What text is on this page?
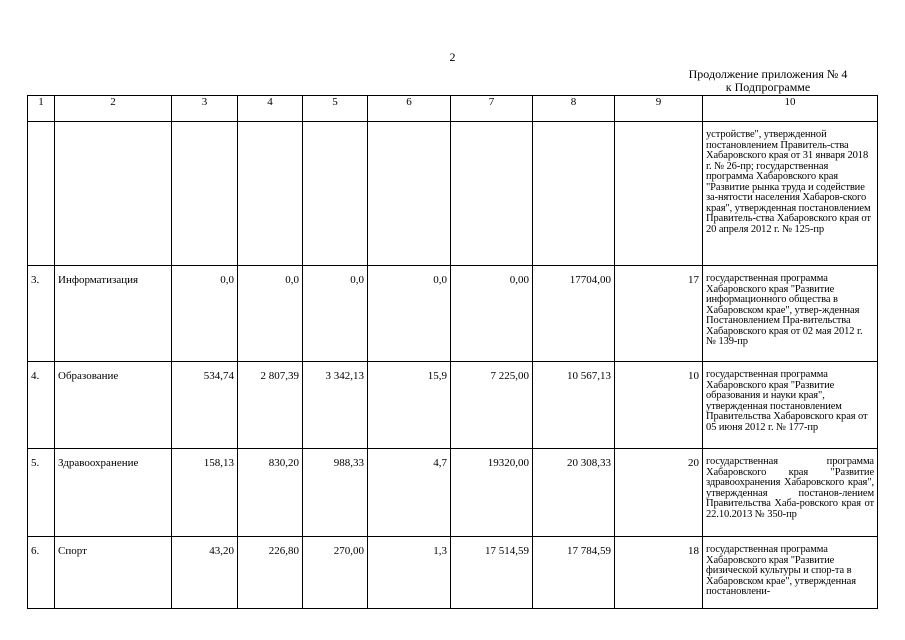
2
Продолжение приложения № 4
к Подпрограмме
1	2	3	4	5	6	7	8	9	10
									устройстве", утвержденной постановлением Правитель-ства Хабаровского края от 31 января 2018 г. № 26-пр; государственная программа Хабаровского края "Развитие рынка труда и содействие за-нятости населения Хабаров-ского края", утвержденная постановлением Правитель-ства Хабаровского края от 20 апреля 2012 г. № 125-пр
3.	Информатизация	0,0	0,0	0,0	0,0	0,00	17704,00	17	государственная программа Хабаровского края "Развитие информационного общества в Хабаровском крае", утвер-жденная Постановлением Пра-вительства Хабаровского края от 02 мая 2012 г. № 139-пр
4.	Образование	534,74	2 807,39	3 342,13	15,9	7 225,00	10 567,13	10	государственная программа Хабаровского края "Развитие образования и науки края", утвержденная постановлением Правительства Хабаровского края от 05 июня 2012 г. № 177-пр
5.	Здравоохранение	158,13	830,20	988,33	4,7	19320,00	20 308,33	20	государственная программа Хабаровского края "Развитие здравоохранения Хабаровского края", утвержденная постанов-лением Правительства Хаба-ровского края от 22.10.2013 № 350-пр
6.	Спорт	43,20	226,80	270,00	1,3	17 514,59	17 784,59	18	государственная программа Хабаровского края "Развитие физической культуры и спор-та в Хабаровском крае", утвержденная постановлени-
